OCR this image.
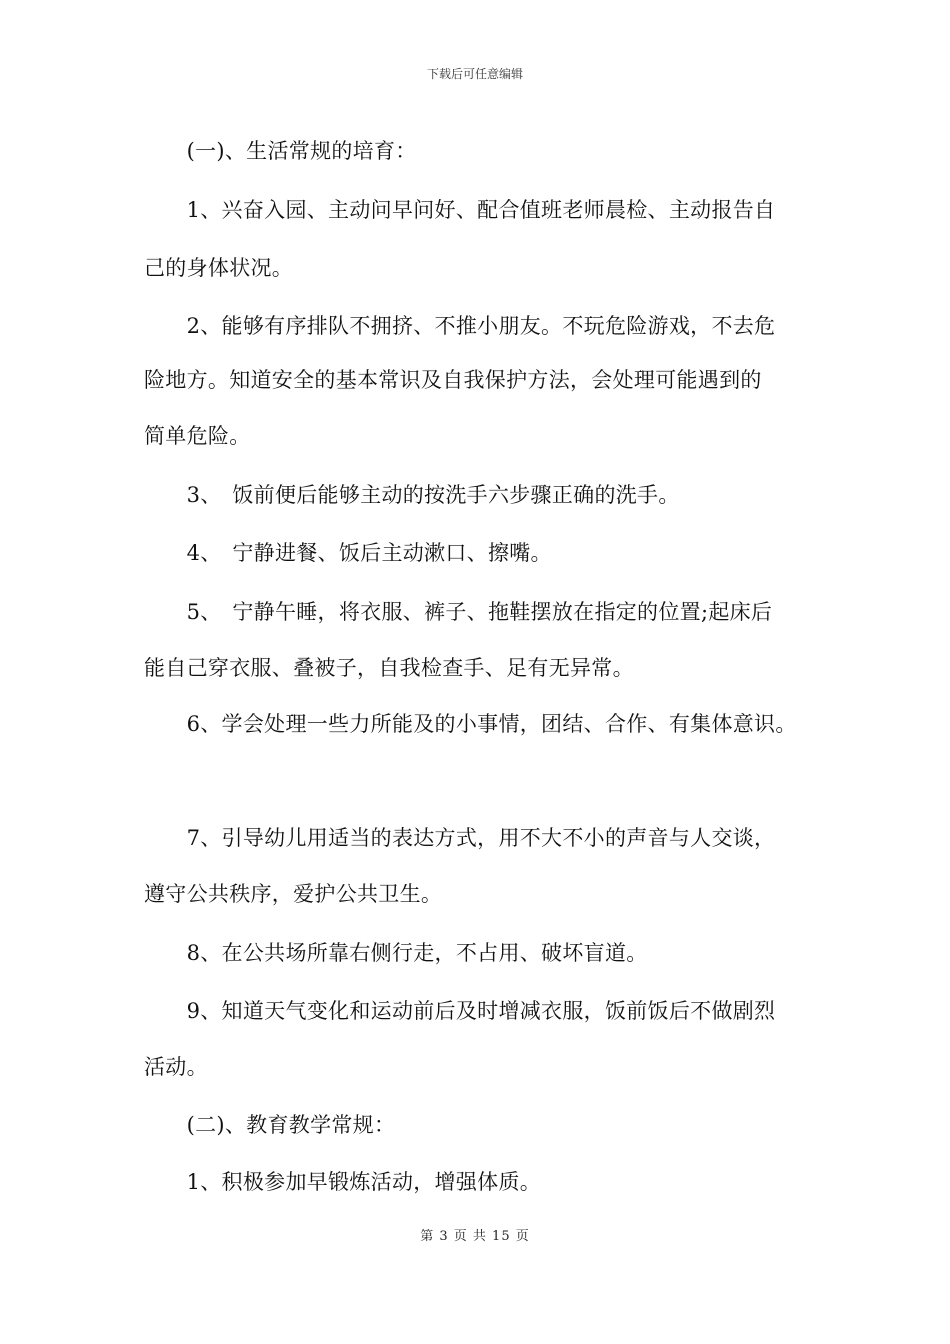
下载后可任意编辑
　　(一)、生活常规的培育：
　　1、兴奋入园、主动问早问好、配合值班老师晨检、主动报告自
己的身体状况。
　　2、能够有序排队不拥挤、不推小朋友。不玩危险游戏，不去危
险地方。知道安全的基本常识及自我保护方法，会处理可能遇到的
简单危险。
　　3、　饭前便后能够主动的按洗手六步骤正确的洗手。
　　4、　宁静进餐、饭后主动漱口、擦嘴。
　　5、　宁静午睡，将衣服、裤子、拖鞋摆放在指定的位置;起床后
能自己穿衣服、叠被子，自我检查手、足有无异常。
　　6、学会处理一些力所能及的小事情，团结、合作、有集体意识。
　　7、引导幼儿用适当的表达方式，用不大不小的声音与人交谈，
遵守公共秩序，爱护公共卫生。
　　8、在公共场所靠右侧行走，不占用、破坏盲道。
　　9、知道天气变化和运动前后及时增减衣服，饭前饭后不做剧烈
活动。
　　(二)、教育教学常规：
　　1、积极参加早锻炼活动，增强体质。
第 3 页 共 15 页
